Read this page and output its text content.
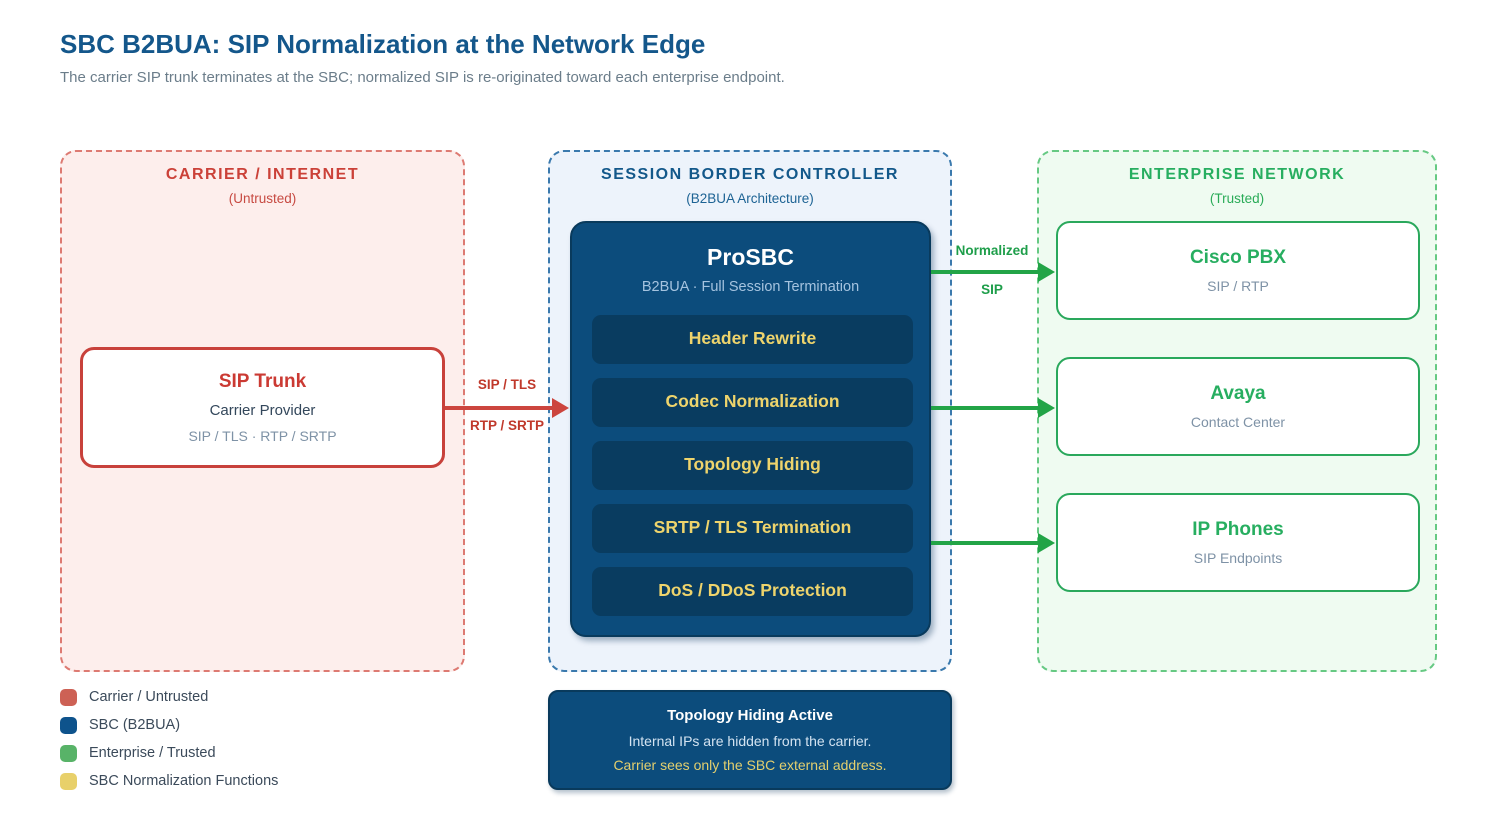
SBC B2BUA: SIP Normalization at the Network Edge
The carrier SIP trunk terminates at the SBC; normalized SIP is re-originated toward each enterprise endpoint.
CARRIER / INTERNET
(Untrusted)
SESSION BORDER CONTROLLER
(B2BUA Architecture)
ENTERPRISE NETWORK
(Trusted)
SIP Trunk
Carrier Provider
SIP / TLS · RTP / SRTP
ProSBC
B2BUA · Full Session Termination
Header Rewrite
Codec Normalization
Topology Hiding
SRTP / TLS Termination
DoS / DDoS Protection
Cisco PBX
SIP / RTP
Avaya
Contact Center
IP Phones
SIP Endpoints
SIP / TLS
RTP / SRTP
Normalized
SIP
Carrier / Untrusted
SBC (B2BUA)
Enterprise / Trusted
SBC Normalization Functions
Topology Hiding Active
Internal IPs are hidden from the carrier.
Carrier sees only the SBC external address.
